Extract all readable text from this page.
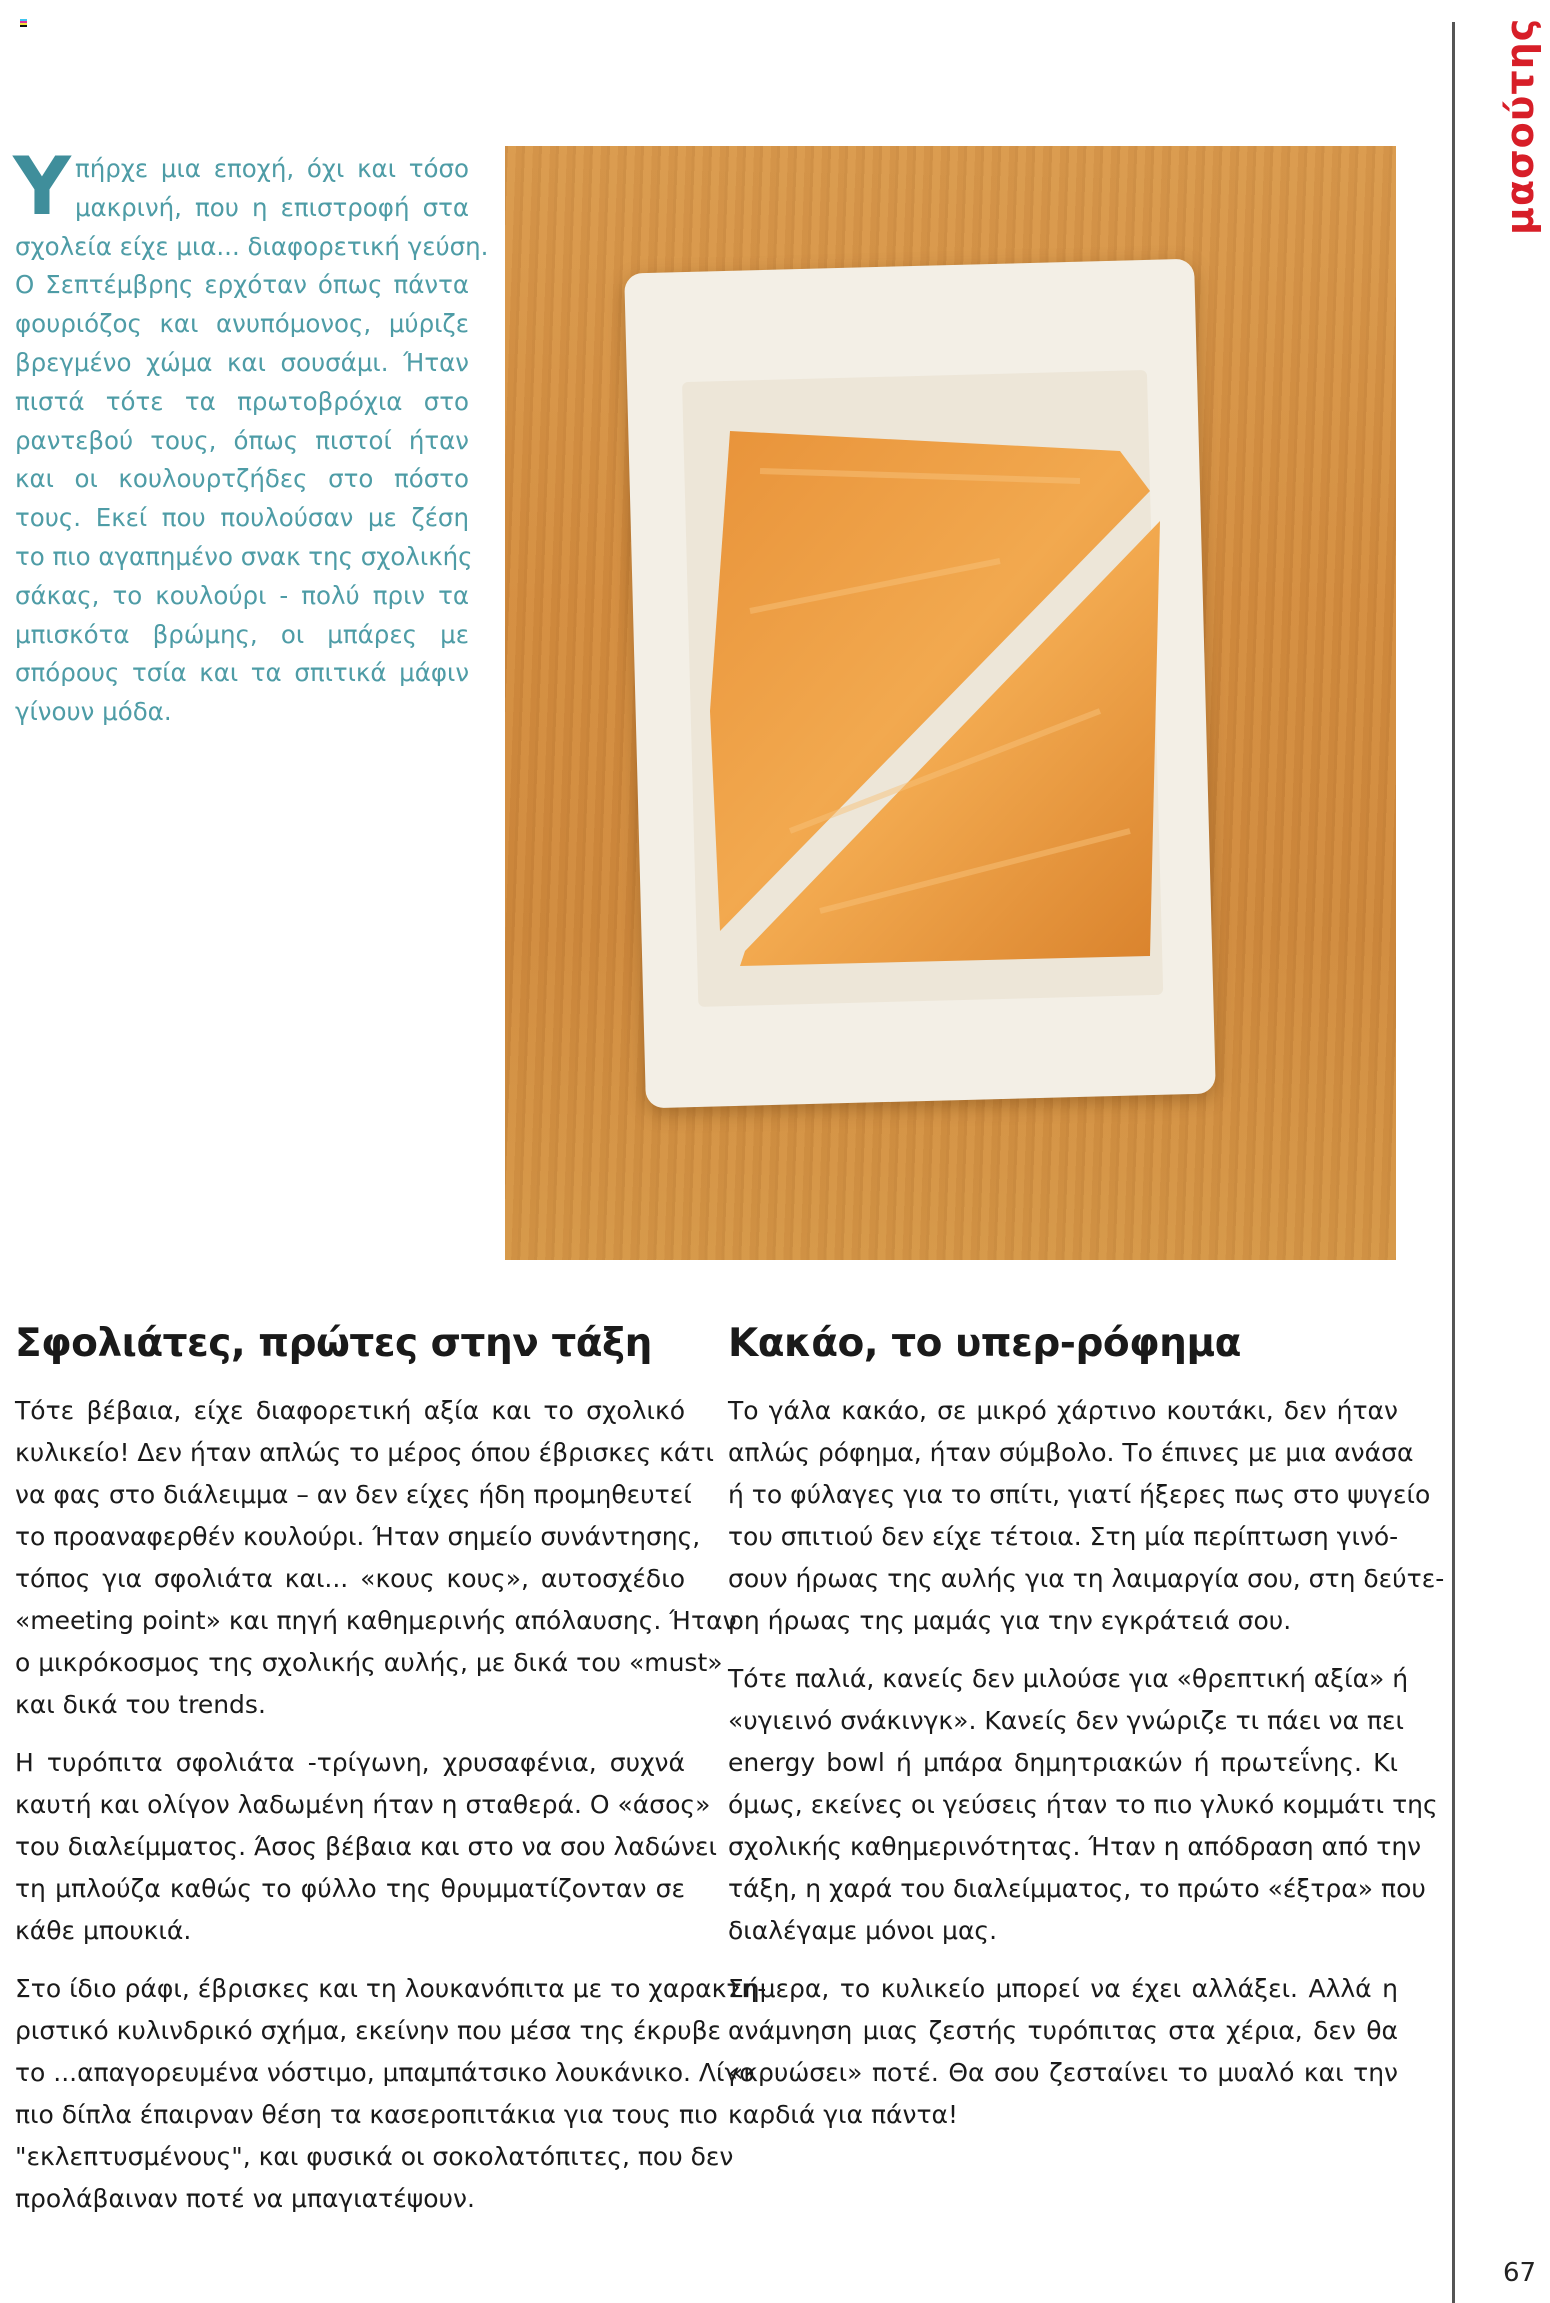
Υ πήρχε μια εποχή, όχι και τόσο
μακρινή, που η επιστροφή στα
σχολεία είχε μια... διαφορετική γεύση.
Ο Σεπτέμβρης ερχόταν όπως πάντα
φουριόζος και ανυπόμονος, μύριζε
βρεγμένο χώμα και σουσάμι. Ήταν
πιστά τότε τα πρωτοβρόχια στο
ραντεβού τους, όπως πιστοί ήταν
και οι κουλουρτζήδες στο πόστο
τους. Εκεί που πουλούσαν με ζέση
το πιο αγαπημένο σνακ της σχολικής
σάκας, το κουλούρι - πολύ πριν τα
μπισκότα βρώμης, οι μπάρες με
σπόρους τσία και τα σπιτικά μάφιν
γίνουν μόδα.
Σφολιάτες, πρώτες στην τάξη
Τότε βέβαια, είχε διαφορετική αξία και το σχολικό
κυλικείο! Δεν ήταν απλώς το μέρος όπου έβρισκες κάτι
να φας στο διάλειμμα – αν δεν είχες ήδη προμηθευτεί
το προαναφερθέν κουλούρι. Ήταν σημείο συνάντησης,
τόπος για σφολιάτα και... «κους κους», αυτοσχέδιο
«meeting point» και πηγή καθημερινής απόλαυσης. Ήταν
ο μικρόκοσμος της σχολικής αυλής, με δικά του «must»
και δικά του trends.
Η τυρόπιτα σφολιάτα -τρίγωνη, χρυσαφένια, συχνά
καυτή και ολίγον λαδωμένη ήταν η σταθερά. Ο «άσος»
του διαλείμματος. Άσος βέβαια και στο να σου λαδώνει
τη μπλούζα καθώς το φύλλο της θρυμματίζονταν σε
κάθε μπουκιά.
Στο ίδιο ράφι, έβρισκες και τη λουκανόπιτα με το χαρακτη-
ριστικό κυλινδρικό σχήμα, εκείνην που μέσα της έκρυβε
το ...απαγορευμένα νόστιμο, μπαμπάτσικο λουκάνικο. Λίγο
πιο δίπλα έπαιρναν θέση τα κασεροπιτάκια για τους πιο
"εκλεπτυσμένους", και φυσικά οι σοκολατόπιτες, που δεν
προλάβαιναν ποτέ να μπαγιατέψουν.
Κακάο, το υπερ-ρόφημα
Το γάλα κακάο, σε μικρό χάρτινο κουτάκι, δεν ήταν
απλώς ρόφημα, ήταν σύμβολο. Το έπινες με μια ανάσα
ή το φύλαγες για το σπίτι, γιατί ήξερες πως στο ψυγείο
του σπιτιού δεν είχε τέτοια. Στη μία περίπτωση γινό-
σουν ήρωας της αυλής για τη λαιμαργία σου, στη δεύτε-
ρη ήρωας της μαμάς για την εγκράτειά σου.
Τότε παλιά, κανείς δεν μιλούσε για «θρεπτική αξία» ή
«υγιεινό σνάκινγκ». Κανείς δεν γνώριζε τι πάει να πει
energy bowl ή μπάρα δημητριακών ή πρωτεΐνης. Κι
όμως, εκείνες οι γεύσεις ήταν το πιο γλυκό κομμάτι της
σχολικής καθημερινότητας. Ήταν η απόδραση από την
τάξη, η χαρά του διαλείμματος, το πρώτο «έξτρα» που
διαλέγαμε μόνοι μας.
Σήμερα, το κυλικείο μπορεί να έχει αλλάξει. Αλλά η
ανάμνηση μιας ζεστής τυρόπιτας στα χέρια, δεν θα
«κρυώσει» ποτέ. Θα σου ζεσταίνει το μυαλό και την
καρδιά για πάντα!
μασούτης
67
